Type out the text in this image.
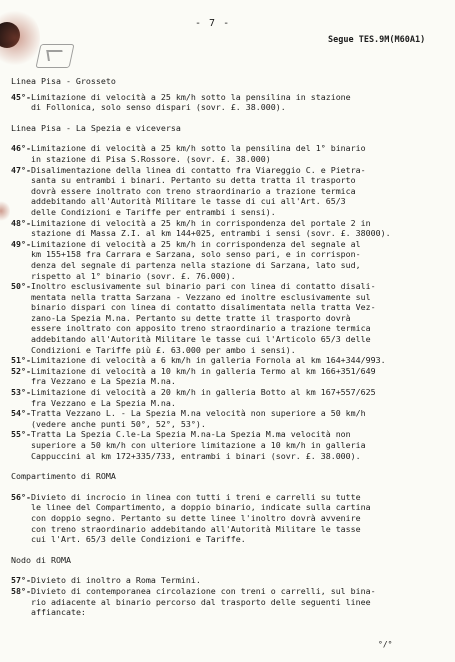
- 7 -
Segue TES.9M(M60A1)
Linea Pisa - Grosseto
45°- Limitazione di velocità a 25 km/h sotto la pensilina in stazione
di Follonica, solo senso dispari (sovr. £. 38.000).
Linea Pisa - La Spezia e viceversa
46°- Limitazione di velocità a 25 km/h sotto la pensilina del 1° binario
in stazione di Pisa S.Rossore. (sovr. £. 38.000)
47°- Disalimentazione della linea di contatto fra Viareggio C. e Pietra-
santa su entrambi i binari. Pertanto su detta tratta il trasporto
dovrà essere inoltrato con treno straordinario a trazione termica
addebitando all'Autorità Militare le tasse di cui all'Art. 65/3
delle Condizioni e Tariffe per entrambi i sensi).
48°- Limitazione di velocità a 25 km/h in corrispondenza del portale 2 in
stazione di Massa Z.I. al km 144+025, entrambi i sensi (sovr. £. 38000).
49°- Limitazione di velocità a 25 km/h in corrispondenza del segnale al
km 155+158 fra Carrara e Sarzana, solo senso pari, e in corrispon-
denza del segnale di partenza nella stazione di Sarzana, lato sud,
rispetto al 1° binario (sovr. £. 76.000).
50°- Inoltro esclusivamente sul binario pari con linea di contatto disali-
mentata nella tratta Sarzana - Vezzano ed inoltre esclusivamente sul
binario dispari con linea di contatto disalimentata nella tratta Vez-
zano-La Spezia M.na. Pertanto su dette tratte il trasporto dovrà
essere inoltrato con apposito treno straordinario a trazione termica
addebitando all'Autorità Militare le tasse cui l'Articolo 65/3 delle
Condizioni e Tariffe più £. 63.000 per ambo i sensi).
51°- Limitazione di velocità a 6 km/h in galleria Fornola al km 164+344/993.
52°- Limitazione di velocità a 10 km/h in galleria Termo al km 166+351/649
fra Vezzano e La Spezia M.na.
53°- Limitazione di velocità a 20 km/h in galleria Botto al km 167+557/625
fra Vezzano e La Spezia M.na.
54°- Tratta Vezzano L. - La Spezia M.na velocità non superiore a 50 km/h
(vedere anche punti 50°, 52°, 53°).
55°- Tratta La Spezia C.le-La Spezia M.na-La Spezia M.ma velocità non
superiore a 50 km/h con ulteriore limitazione a 10 km/h in galleria
Cappuccini al km 172+335/733, entrambi i binari (sovr. £. 38.000).
Compartimento di ROMA
56°- Divieto di incrocio in linea con tutti i treni e carrelli su tutte
le linee del Compartimento, a doppio binario, indicate sulla cartina
con doppio segno. Pertanto su dette linee l'inoltro dovrà avvenire
con treno straordinario addebitando all'Autorità Militare le tasse
cui l'Art. 65/3 delle Condizioni e Tariffe.
Nodo di ROMA
57°- Divieto di inoltro a Roma Termini.
58°- Divieto di contemporanea circolazione con treni o carrelli, sul bina-
rio adiacente al binario percorso dal trasporto delle seguenti linee
affiancate:
°/°
